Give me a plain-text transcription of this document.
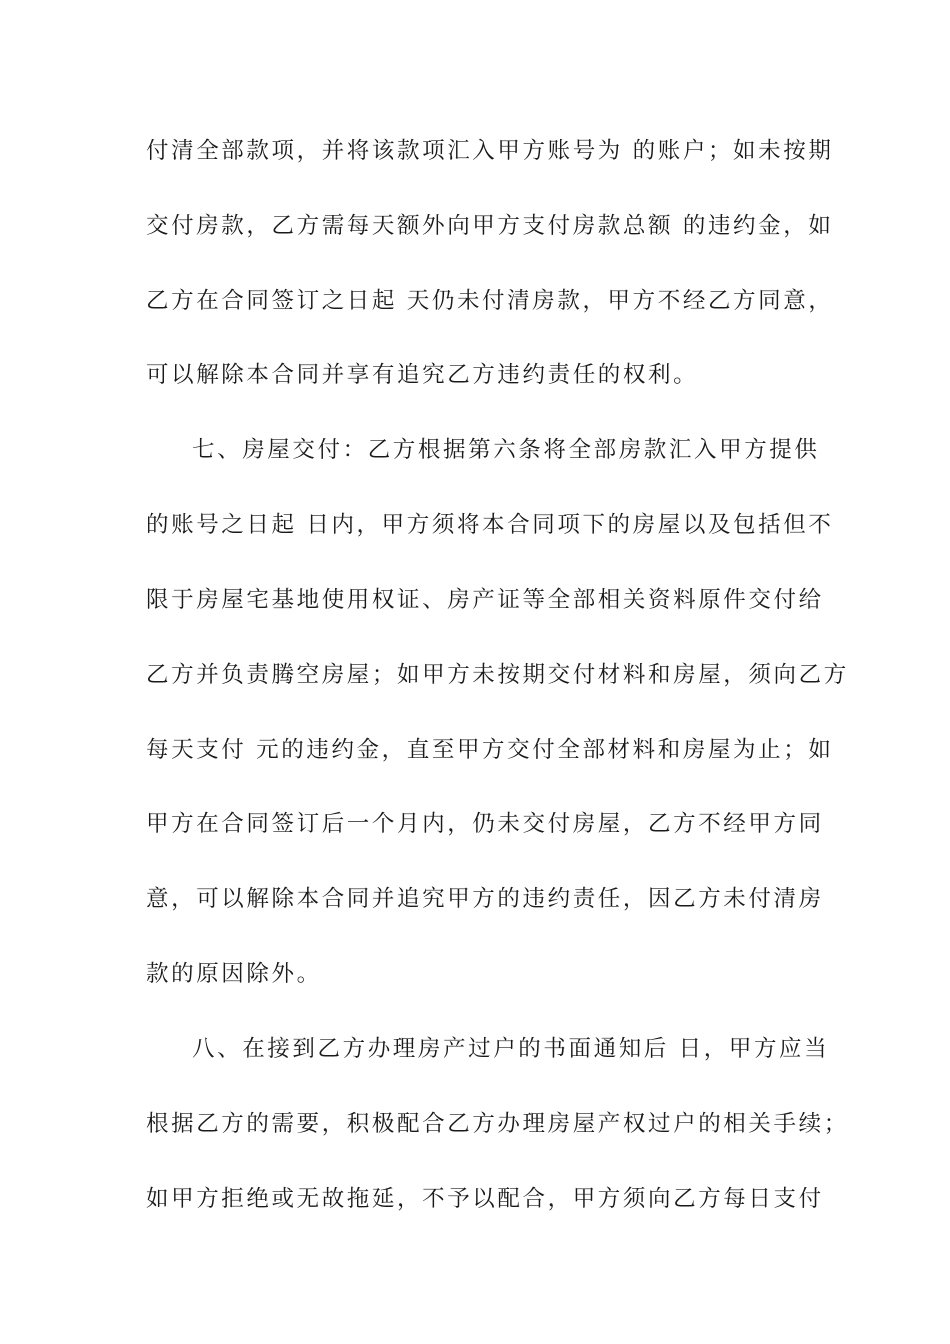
付清全部款项，并将该款项汇入甲方账号为 的账户；如未按期
交付房款，乙方需每天额外向甲方支付房款总额 的违约金，如
乙方在合同签订之日起 天仍未付清房款，甲方不经乙方同意，
可以解除本合同并享有追究乙方违约责任的权利。
七、房屋交付：乙方根据第六条将全部房款汇入甲方提供
的账号之日起 日内，甲方须将本合同项下的房屋以及包括但不
限于房屋宅基地使用权证、房产证等全部相关资料原件交付给
乙方并负责腾空房屋；如甲方未按期交付材料和房屋，须向乙方
每天支付 元的违约金，直至甲方交付全部材料和房屋为止；如
甲方在合同签订后一个月内，仍未交付房屋，乙方不经甲方同
意，可以解除本合同并追究甲方的违约责任，因乙方未付清房
款的原因除外。
八、在接到乙方办理房产过户的书面通知后 日，甲方应当
根据乙方的需要，积极配合乙方办理房屋产权过户的相关手续；
如甲方拒绝或无故拖延，不予以配合，甲方须向乙方每日支付
